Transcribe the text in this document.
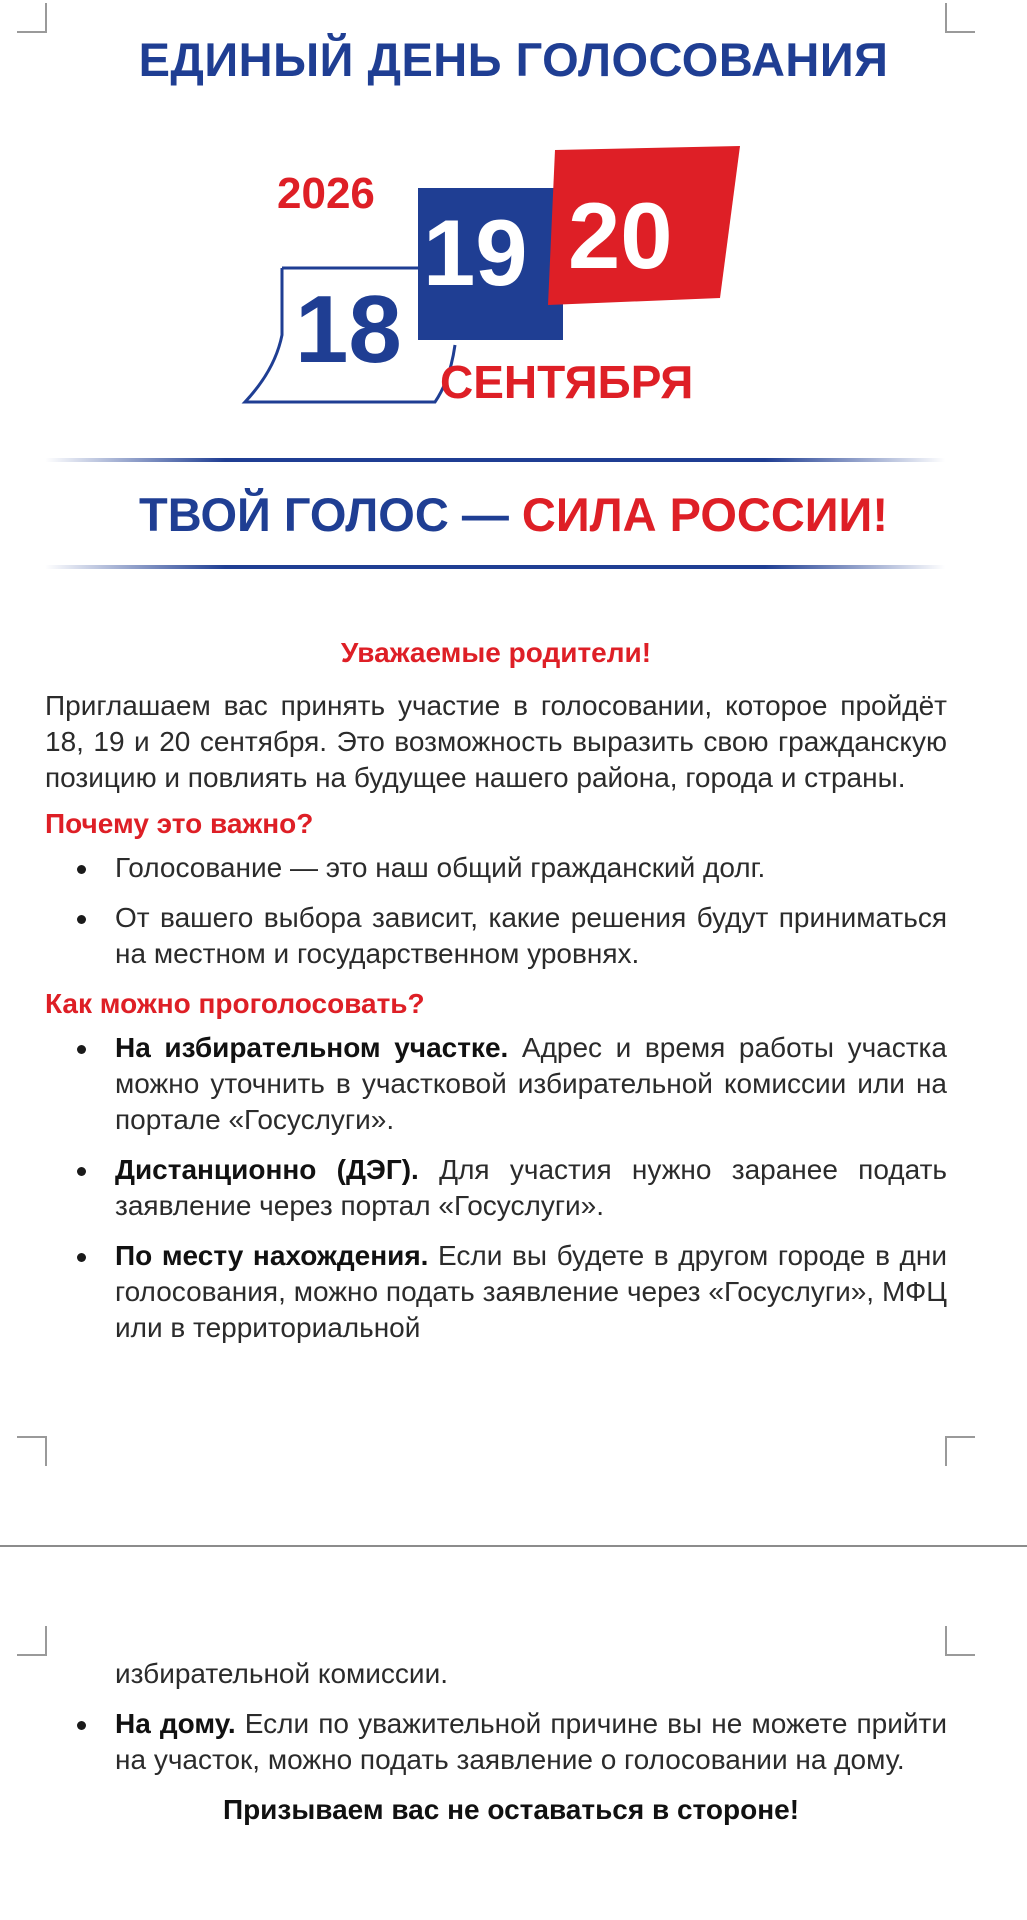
ЕДИНЫЙ ДЕНЬ ГОЛОСОВАНИЯ
2026
18
19 20
СЕНТЯБРЯ
ТВОЙ ГОЛОС — СИЛА РОССИИ!

Уважаемые родители!

Приглашаем вас принять участие в голосовании, которое пройдёт 18, 19 и 20 сентября. Это возможность выразить свою гражданскую позицию и повлиять на будущее нашего района, города и страны.

Почему это важно?

Голосование — это наш общий гражданский долг.
От вашего выбора зависит, какие решения будут приниматься на местном и государственном уровнях.

Как можно проголосовать?

На избирательном участке. Адрес и время работы участка можно уточнить в участковой избирательной комиссии или на портале «Госуслуги».
Дистанционно (ДЭГ). Для участия нужно заранее подать заявление через портал «Госуслуги».
По месту нахождения. Если вы будете в другом городе в дни голосования, можно подать заявление через «Госуслуги», МФЦ или в территориальной

избирательной комиссии.

На дому. Если по уважительной причине вы не можете прийти на участок, можно подать заявление о голосовании на дому.

Призываем вас не оставаться в стороне!
